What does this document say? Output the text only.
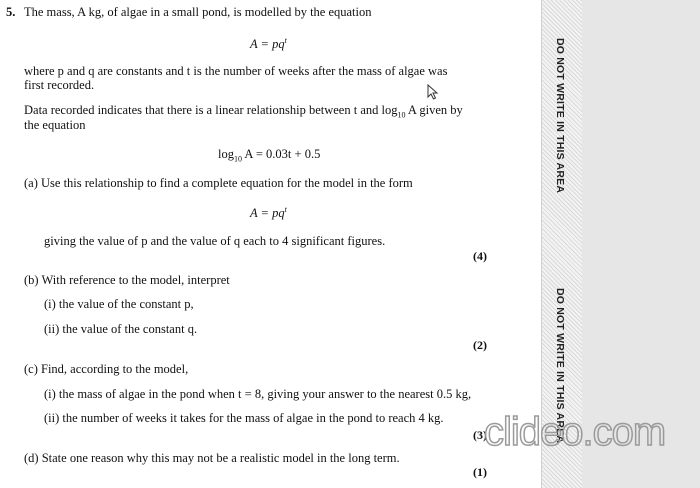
5. The mass, A kg, of algae in a small pond, is modelled by the equation
$A = pq^t$
where p and q are constants and t is the number of weeks after the mass of algae was
first recorded.
Data recorded indicates that there is a linear relationship between t and $\log_{10} A$ given by
the equation
$\log_{10} A = 0.03t + 0.5$
(a) Use this relationship to find a complete equation for the model in the form
$A = pq^t$
giving the value of p and the value of q each to 4 significant figures.
(4)
(b) With reference to the model, interpret
(i) the value of the constant p,
(ii) the value of the constant q.
(2)
(c) Find, according to the model,
(i) the mass of algae in the pond when t = 8, giving your answer to the nearest 0.5 kg,
(ii) the number of weeks it takes for the mass of algae in the pond to reach 4 kg.
(3)
(d) State one reason why this may not be a realistic model in the long term.
(1)
DO NOT WRITE IN THIS AREA
DO NOT WRITE IN THIS AREA
clideo.com
